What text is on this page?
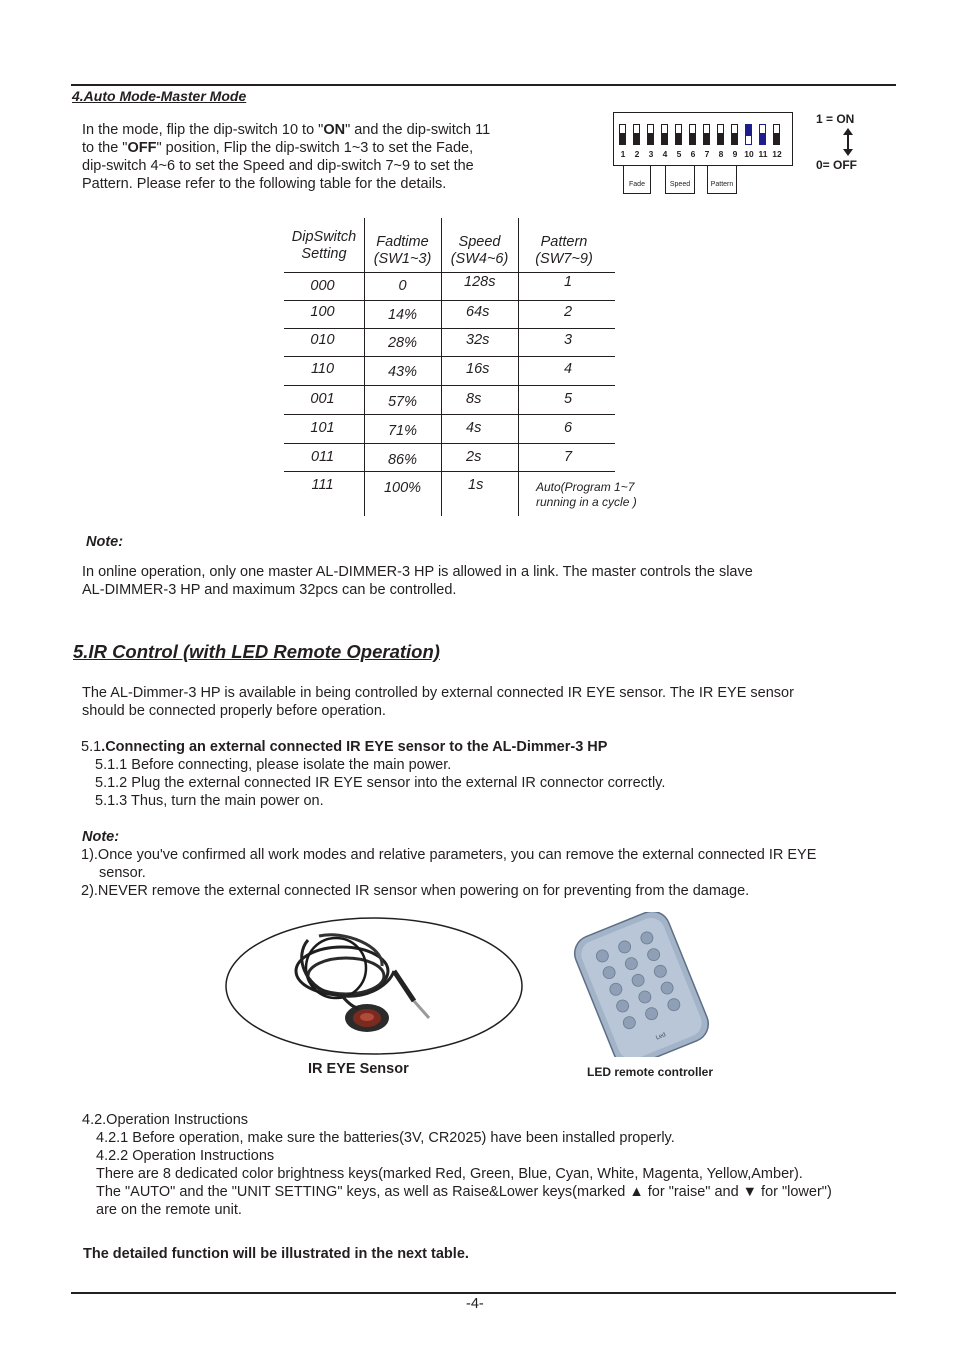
4.Auto Mode-Master Mode
In the mode, flip the dip-switch 10 to "ON" and the dip-switch 11
to the "OFF" position, Flip the dip-switch 1~3 to set the Fade,
dip-switch 4~6 to set the Speed and dip-switch 7~9 to set the
Pattern. Please refer to the following table for the details.
1	2	3	4	5	6	7	8	9 10 11 12
Fade	Speed	Pattern
1 = ON
0= OFF
DipSwitch
Setting
Fadtime
(SW1~3)
Speed
(SW4~6)
Pattern
(SW7~9)
000	0	128s	1
100	14%	64s	2
010	28%	32s	3
110	43%	16s	4
001	57%	8s	5
101	71%	4s	6
011	86%	2s	7
111	100%	1s	Auto(Program 1~7
running in a cycle )
Note:
In online operation, only one master AL-DIMMER-3 HP is allowed in a link. The master controls the slave
AL-DIMMER-3 HP and maximum 32pcs can be controlled.
5.IR Control (with LED Remote Operation)
The AL-Dimmer-3 HP is available in being controlled by external connected IR EYE sensor. The IR EYE sensor
should be connected properly before operation.
5.1.Connecting an external connected IR EYE sensor to the AL-Dimmer-3 HP
5.1.1 Before connecting, please isolate the main power.
5.1.2 Plug the external connected IR EYE sensor into the external IR connector correctly.
5.1.3 Thus, turn the main power on.
Note:
1).Once you've confirmed all work modes and relative parameters, you can remove the external connected IR EYE
sensor.
2).NEVER remove the external connected IR sensor when powering on for preventing from the damage.
IR EYE Sensor
Led
LED remote controller
4.2.Operation Instructions
4.2.1 Before operation, make sure the batteries(3V, CR2025) have been installed properly.
4.2.2 Operation Instructions
There are 8 dedicated color brightness keys(marked Red, Green, Blue, Cyan, White, Magenta, Yellow,Amber).
The "AUTO" and the "UNIT SETTING" keys, as well as Raise&Lower keys(marked ▲ for "raise" and ▼ for "lower")
are on the remote unit.
The detailed function will be illustrated in the next table.
-4-
